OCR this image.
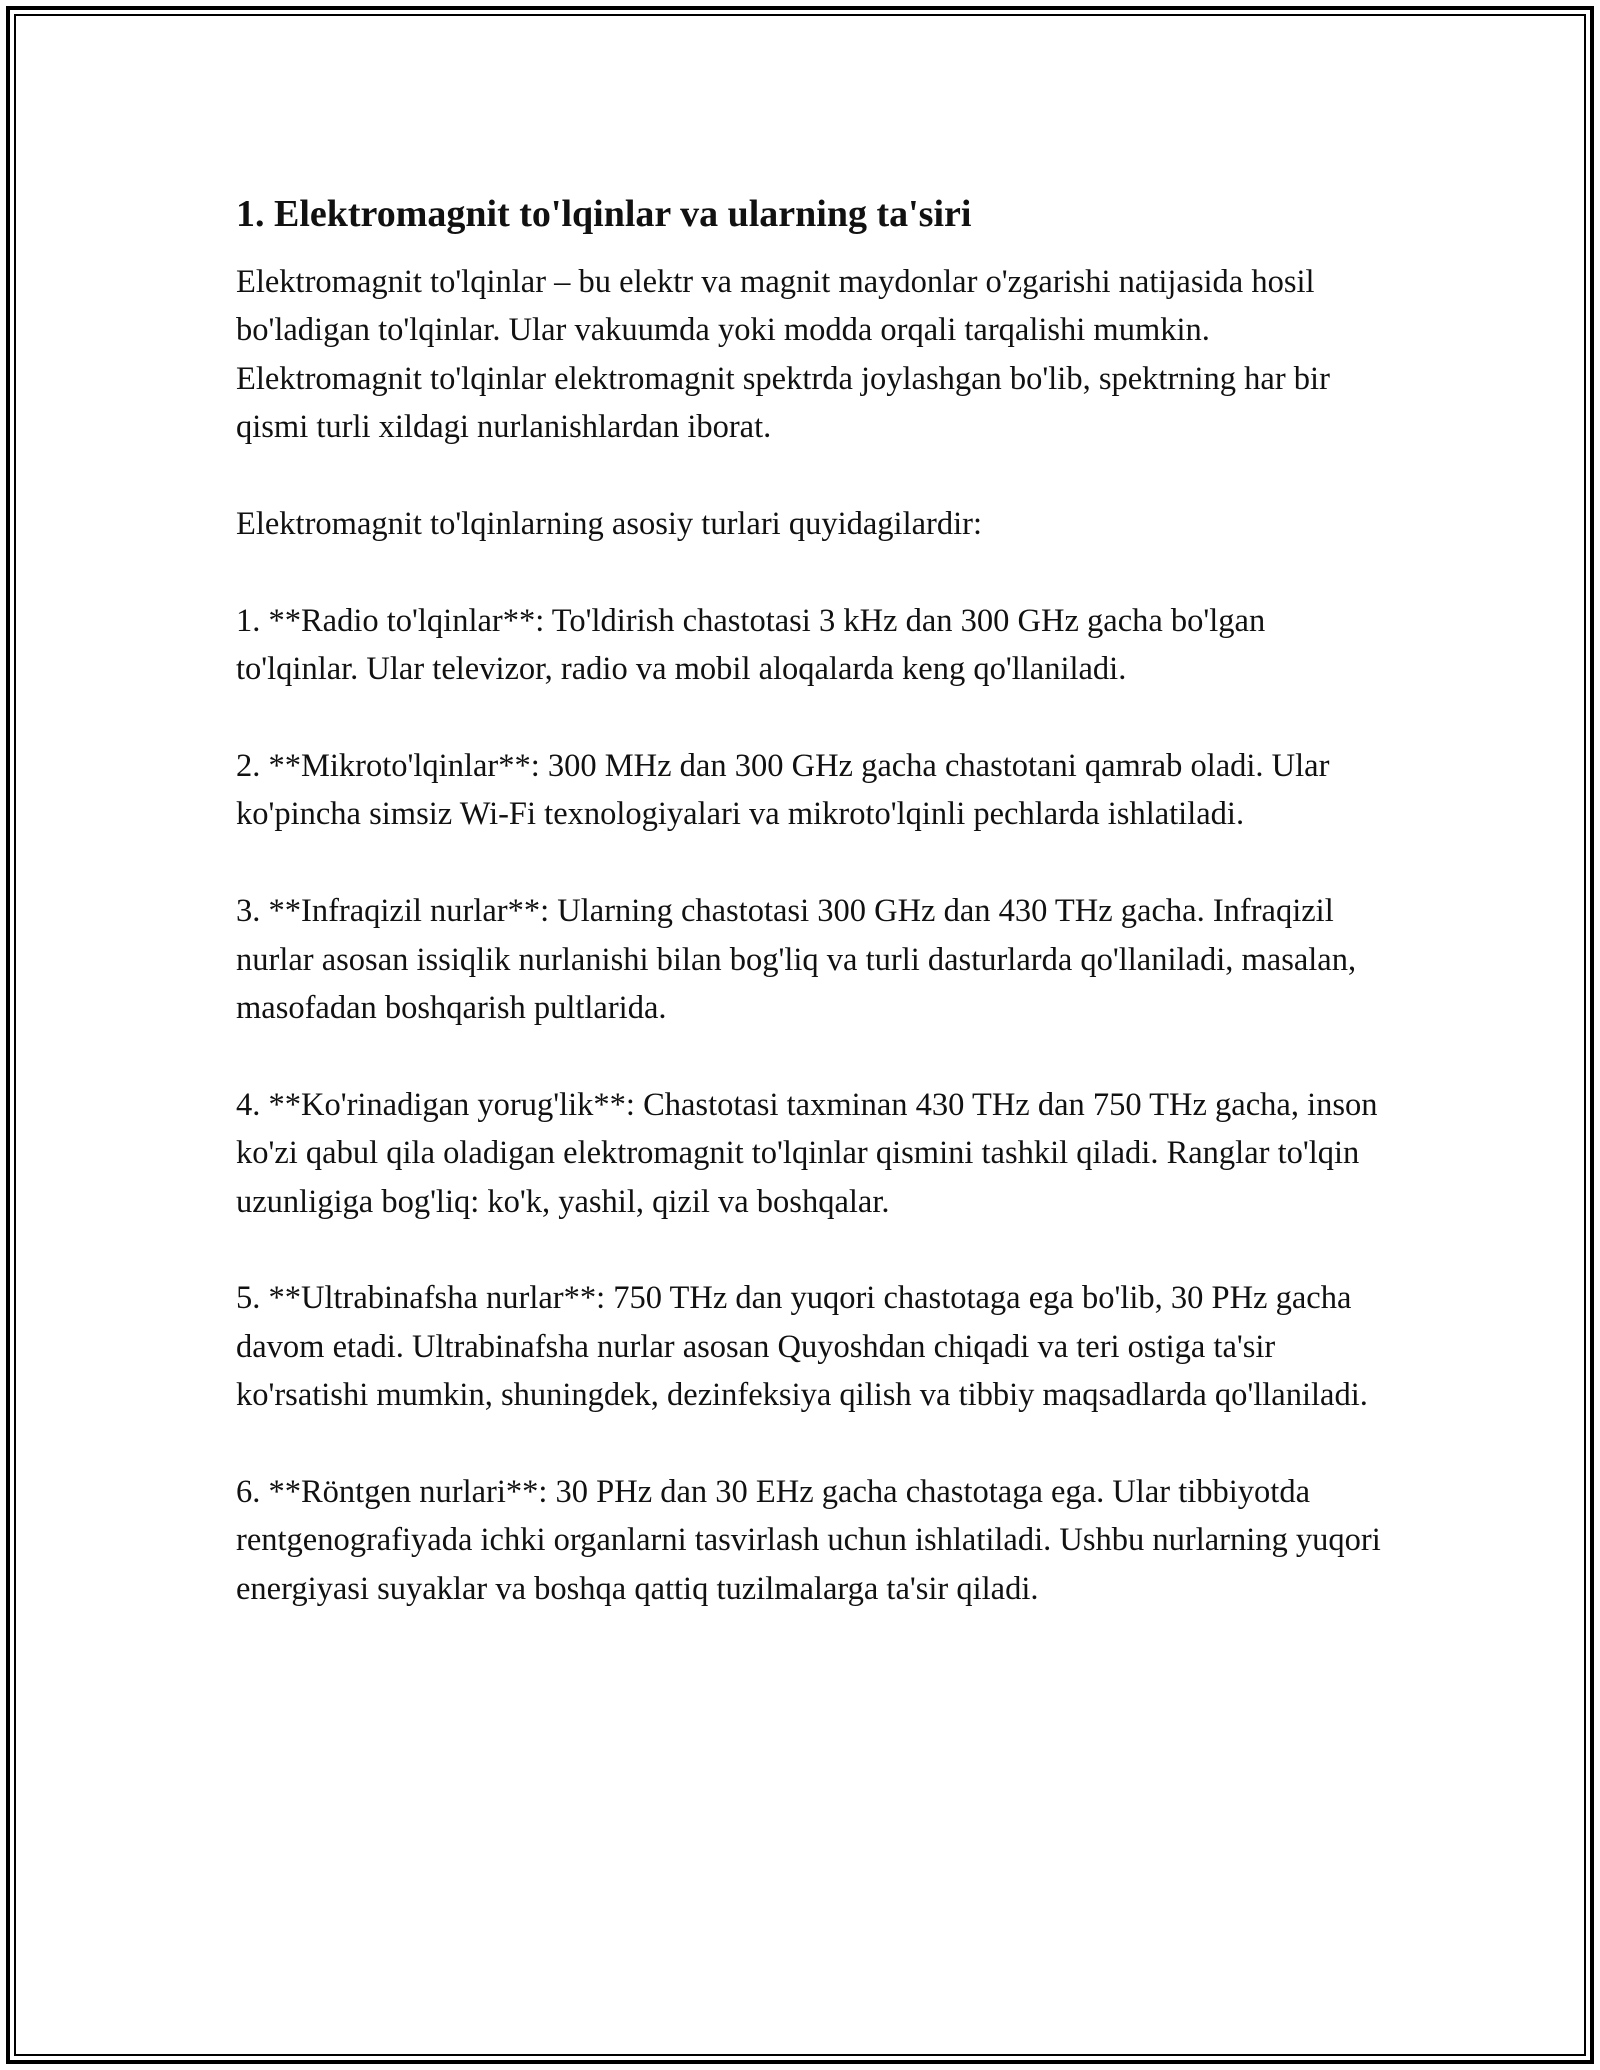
1. Elektromagnit to'lqinlar va ularning ta'siri

Elektromagnit to'lqinlar – bu elektr va magnit maydonlar o'zgarishi natijasida hosil bo'ladigan to'lqinlar. Ular vakuumda yoki modda orqali tarqalishi mumkin. Elektromagnit to'lqinlar elektromagnit spektrda joylashgan bo'lib, spektrning har bir qismi turli xildagi nurlanishlardan iborat.

Elektromagnit to'lqinlarning asosiy turlari quyidagilardir:

1. **Radio to'lqinlar**: To'ldirish chastotasi 3 kHz dan 300 GHz gacha bo'lgan to'lqinlar. Ular televizor, radio va mobil aloqalarda keng qo'llaniladi.

2. **Mikroto'lqinlar**: 300 MHz dan 300 GHz gacha chastotani qamrab oladi. Ular ko'pincha simsiz Wi-Fi texnologiyalari va mikroto'lqinli pechlarda ishlatiladi.

3. **Infraqizil nurlar**: Ularning chastotasi 300 GHz dan 430 THz gacha. Infraqizil nurlar asosan issiqlik nurlanishi bilan bog'liq va turli dasturlarda qo'llaniladi, masalan, masofadan boshqarish pultlarida.

4. **Ko'rinadigan yorug'lik**: Chastotasi taxminan 430 THz dan 750 THz gacha, inson ko'zi qabul qila oladigan elektromagnit to'lqinlar qismini tashkil qiladi. Ranglar to'lqin uzunligiga bog'liq: ko'k, yashil, qizil va boshqalar.

5. **Ultrabinafsha nurlar**: 750 THz dan yuqori chastotaga ega bo'lib, 30 PHz gacha davom etadi. Ultrabinafsha nurlar asosan Quyoshdan chiqadi va teri ostiga ta'sir ko'rsatishi mumkin, shuningdek, dezinfeksiya qilish va tibbiy maqsadlarda qo'llaniladi.

6. **Röntgen nurlari**: 30 PHz dan 30 EHz gacha chastotaga ega. Ular tibbiyotda rentgenografiyada ichki organlarni tasvirlash uchun ishlatiladi. Ushbu nurlarning yuqori energiyasi suyaklar va boshqa qattiq tuzilmalarga ta'sir qiladi.
